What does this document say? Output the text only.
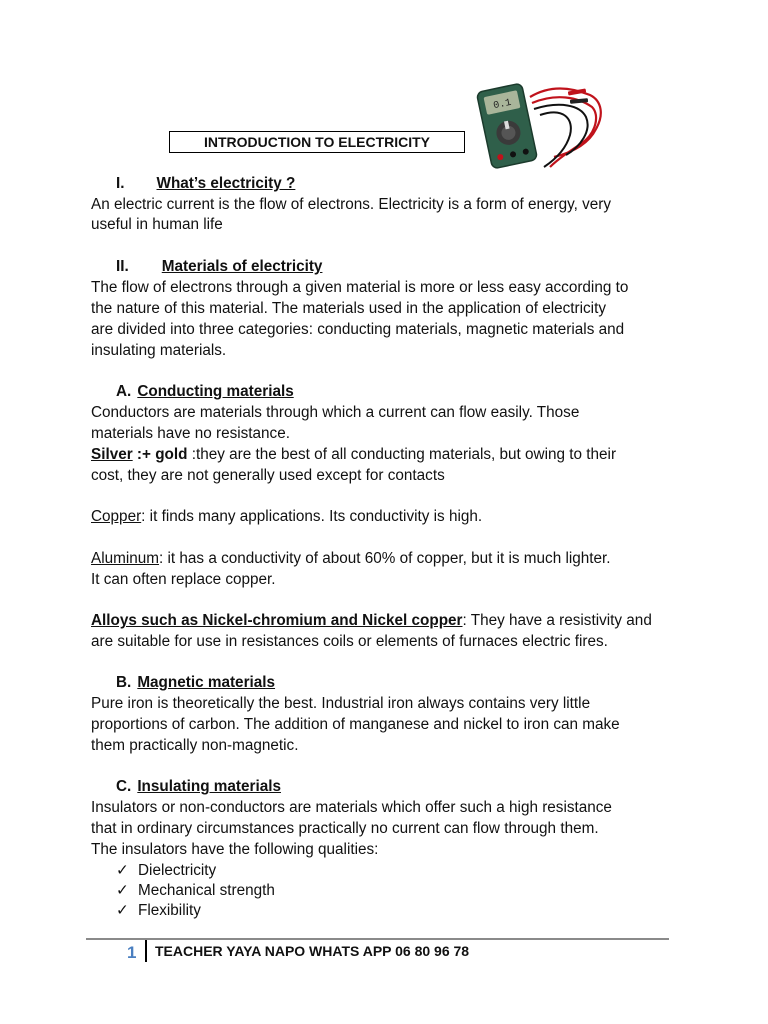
0.1
INTRODUCTION TO ELECTRICITY
I. What’s electricity ?
An electric current is the flow of electrons. Electricity is a form of energy, very
useful in human life
II. Materials of electricity
The flow of electrons through a given material is more or less easy according to
the nature of this material. The materials used in the application of electricity
are divided into three categories: conducting materials, magnetic materials and
insulating materials.
A. Conducting materials
Conductors are materials through which a current can flow easily. Those
materials have no resistance.
Silver :+ gold :they are the best of all conducting materials, but owing to their
cost, they are not generally used except for contacts
Copper: it finds many applications. Its conductivity is high.
Aluminum: it has a conductivity of about 60% of copper, but it is much lighter.
It can often replace copper.
Alloys such as Nickel-chromium and Nickel copper: They have a resistivity and
are suitable for use in resistances coils or elements of furnaces electric fires.
B. Magnetic materials
Pure iron is theoretically the best. Industrial iron always contains very little
proportions of carbon. The addition of manganese and nickel to iron can make
them practically non-magnetic.
C. Insulating materials
Insulators or non-conductors are materials which offer such a high resistance
that in ordinary circumstances practically no current can flow through them.
The insulators have the following qualities:
✓ Dielectricity
✓ Mechanical strength
✓ Flexibility
1 TEACHER YAYA NAPO WHATS APP 06 80 96 78
